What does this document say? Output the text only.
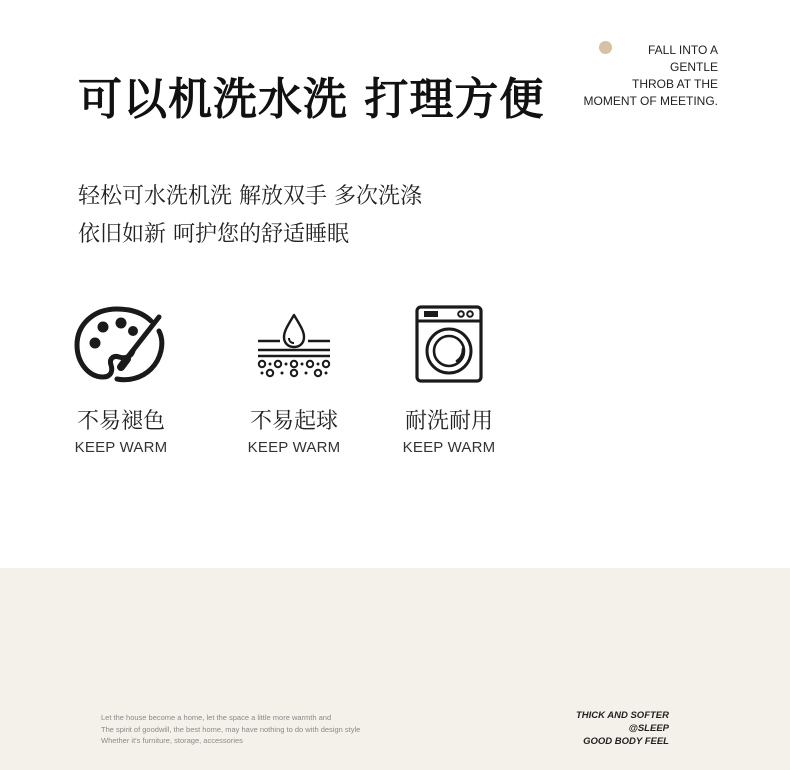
可以机洗水洗 打理方便
轻松可水洗机洗 解放双手 多次洗涤
依旧如新 呵护您的舒适睡眠
FALL INTO A
GENTLE
THROB AT THE
MOMENT OF MEETING.
不易褪色
KEEP WARM
不易起球
KEEP WARM
耐洗耐用
KEEP WARM
Let the house become a home, let the space a little more warmth and
The spirit of goodwill, the best home, may have nothing to do with design style
Whether it's furniture, storage, accessories
THICK AND SOFTER
@SLEEP
GOOD BODY FEEL
